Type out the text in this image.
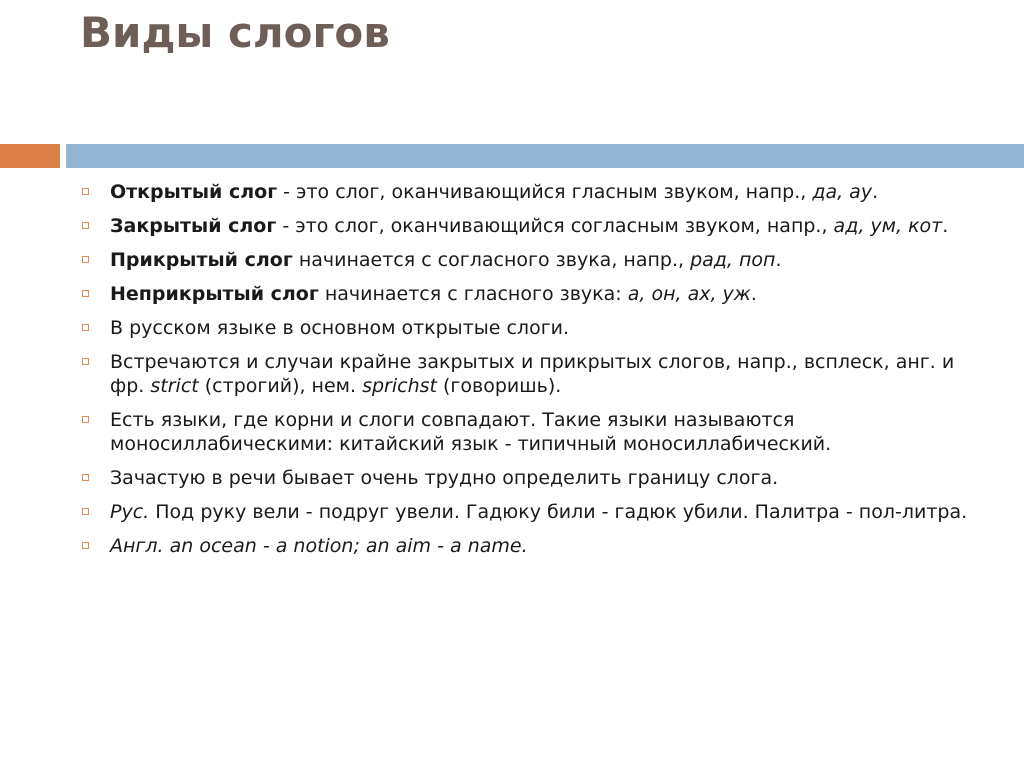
Виды слогов
Открытый слог - это слог, оканчивающийся гласным звуком, напр., да, ау.
Закрытый слог - это слог, оканчивающийся согласным звуком, напр., ад, ум, кот.
Прикрытый слог начинается с согласного звука, напр., рад, поп.
Неприкрытый слог начинается с гласного звука: а, он, ах, уж.
В русском языке в основном открытые слоги.
Встречаются и случаи крайне закрытых и прикрытых слогов, напр., всплеск, анг. и фр. strict (строгий), нем. sprichst (говоришь).
Есть языки, где корни и слоги совпадают. Такие языки называются моносиллабическими: китайский язык - типичный моносиллабический.
Зачастую в речи бывает очень трудно определить границу слога.
Рус. Под руку вели - подруг увели. Гадюку били - гадюк убили. Палитра - пол-литра.
Англ. an ocean - a notion; an aim - a name.
